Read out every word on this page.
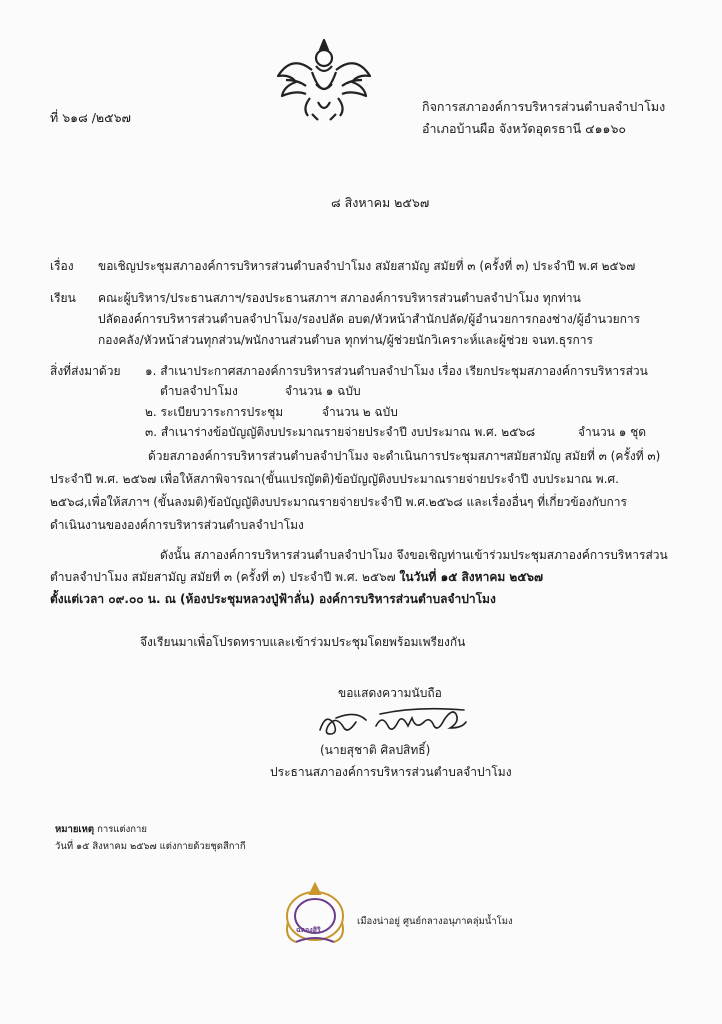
ที่ ๖๑๘ /๒๕๖๗
กิจการสภาองค์การบริหารส่วนตำบลจำปาโมง
อำเภอบ้านผือ จังหวัดอุดรธานี ๔๑๑๖๐
๘ สิงหาคม ๒๕๖๗
เรื่อง ขอเชิญประชุมสภาองค์การบริหารส่วนตำบลจำปาโมง สมัยสามัญ สมัยที่ ๓ (ครั้งที่ ๓) ประจำปี พ.ศ ๒๕๖๗
เรียน คณะผู้บริหาร/ประธานสภาฯ/รองประธานสภาฯ สภาองค์การบริหารส่วนตำบลจำปาโมง ทุกท่าน
ปลัดองค์การบริหารส่วนตำบลจำปาโมง/รองปลัด อบต/หัวหน้าสำนักปลัด/ผู้อำนวยการกองช่าง/ผู้อำนวยการ
กองคลัง/หัวหน้าส่วนทุกส่วน/พนักงานส่วนตำบล ทุกท่าน/ผู้ช่วยนักวิเคราะห์และผู้ช่วย จนท.ธุรการ
สิ่งที่ส่งมาด้วย ๑. สำเนาประกาศสภาองค์การบริหารส่วนตำบลจำปาโมง เรื่อง เรียกประชุมสภาองค์การบริหารส่วน
ตำบลจำปาโมง	จำนวน ๑ ฉบับ
๒. ระเบียบวาระการประชุม	จำนวน ๒ ฉบับ
๓. สำเนาร่างข้อบัญญัติงบประมาณรายจ่ายประจำปี งบประมาณ พ.ศ. ๒๕๖๘	จำนวน ๑ ชุด
ด้วยสภาองค์การบริหารส่วนตำบลจำปาโมง จะดำเนินการประชุมสภาฯสมัยสามัญ สมัยที่ ๓ (ครั้งที่ ๓)
ประจำปี พ.ศ. ๒๕๖๗ เพื่อให้สภาพิจารณา(ขั้นแปรญัตติ)ข้อบัญญัติงบประมาณรายจ่ายประจำปี งบประมาณ พ.ศ.
๒๕๖๘,เพื่อให้สภาฯ (ขั้นลงมติ)ข้อบัญญัติงบประมาณรายจ่ายประจำปี พ.ศ.๒๕๖๘ และเรื่องอื่นๆ ที่เกี่ยวข้องกับการ
ดำเนินงานขององค์การบริหารส่วนตำบลจำปาโมง
ดังนั้น สภาองค์การบริหารส่วนตำบลจำปาโมง จึงขอเชิญท่านเข้าร่วมประชุมสภาองค์การบริหารส่วน
ตำบลจำปาโมง สมัยสามัญ สมัยที่ ๓ (ครั้งที่ ๓) ประจำปี พ.ศ. ๒๕๖๗ ในวันที่ ๑๕ สิงหาคม ๒๕๖๗
ตั้งแต่เวลา ๐๙.๐๐ น. ณ (ห้องประชุมหลวงปู่ฟ้าลั่น) องค์การบริหารส่วนตำบลจำปาโมง
จึงเรียนมาเพื่อโปรดทราบและเข้าร่วมประชุมโดยพร้อมเพรียงกัน
ขอแสดงความนับถือ
(นายสุชาติ ศิลปสิทธิ์)
ประธานสภาองค์การบริหารส่วนตำบลจำปาโมง
หมายเหตุ การแต่งกาย
วันที่ ๑๕ สิงหาคม ๒๕๖๗ แต่งกายด้วยชุดสีกากี
ฉลองสิริ
เมืองน่าอยู่ ศูนย์กลางอนุภาคลุ่มน้ำโมง
